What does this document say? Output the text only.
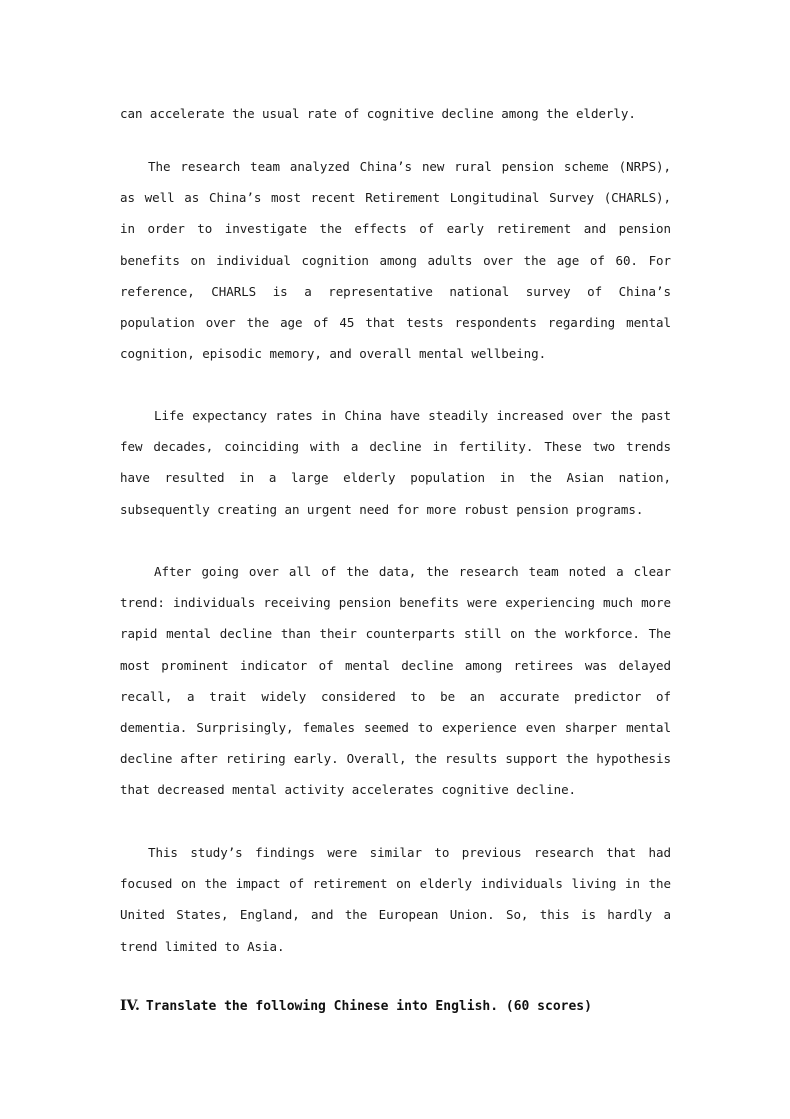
can accelerate the usual rate of cognitive decline among the elderly.

The research team analyzed China’s new rural pension scheme (NRPS), as well as China’s most recent Retirement Longitudinal Survey (CHARLS), in order to investigate the effects of early retirement and pension benefits on individual cognition among adults over the age of 60. For reference, CHARLS is a representative national survey of China’s population over the age of 45 that tests respondents regarding mental cognition, episodic memory, and overall mental wellbeing.

Life expectancy rates in China have steadily increased over the past few decades, coinciding with a decline in fertility. These two trends have resulted in a large elderly population in the Asian nation, subsequently creating an urgent need for more robust pension programs.

After going over all of the data, the research team noted a clear trend: individuals receiving pension benefits were experiencing much more rapid mental decline than their counterparts still on the workforce. The most prominent indicator of mental decline among retirees was delayed recall, a trait widely considered to be an accurate predictor of dementia. Surprisingly, females seemed to experience even sharper mental decline after retiring early. Overall, the results support the hypothesis that decreased mental activity accelerates cognitive decline.

This study’s findings were similar to previous research that had focused on the impact of retirement on elderly individuals living in the United States, England, and the European Union. So, this is hardly a trend limited to Asia.

IV. Translate the following Chinese into English. (60 scores)
